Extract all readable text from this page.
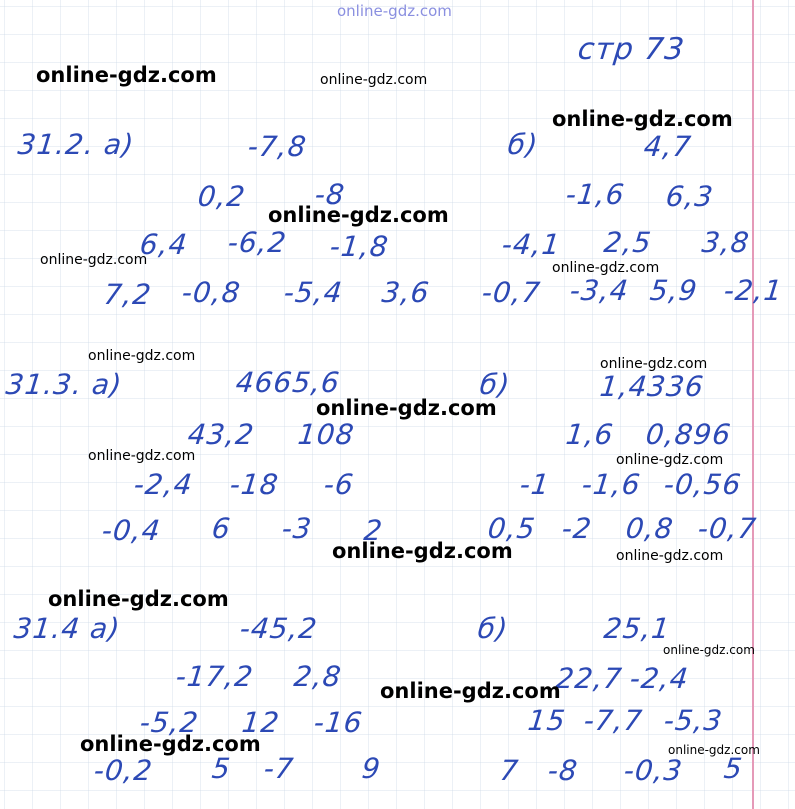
стр 73
31.2. а)	-7,8
0,2 -8
6,4 -6,2 -1,8
7,2 -0,8 -5,4 3,6
б)	4,7
-1,6 6,3
-4,1 2,5 3,8
-0,7 -3,4 5,9 -2,1
31.3. а)	4665,6
43,2 108
-2,4 -18 -6
-0,4 6 -3 2
б)	1,4336
1,6 0,896
-1 -1,6 -0,56
0,5 -2 0,8 -0,7
31.4 а)	-45,2
-17,2 2,8
-5,2 12 -16
-0,2 5 -7 9
б)	25,1
22,7 -2,4
15 -7,7 -5,3
7 -8 -0,3 5
online-gdz.com
online-gdz.com	online-gdz.com
online-gdz.com
online-gdz.com
online-gdz.com	online-gdz.com
online-gdz.com	online-gdz.com
online-gdz.com
online-gdz.com	online-gdz.com
online-gdz.com	online-gdz.com
online-gdz.com
online-gdz.com
online-gdz.com
online-gdz.com	online-gdz.com
